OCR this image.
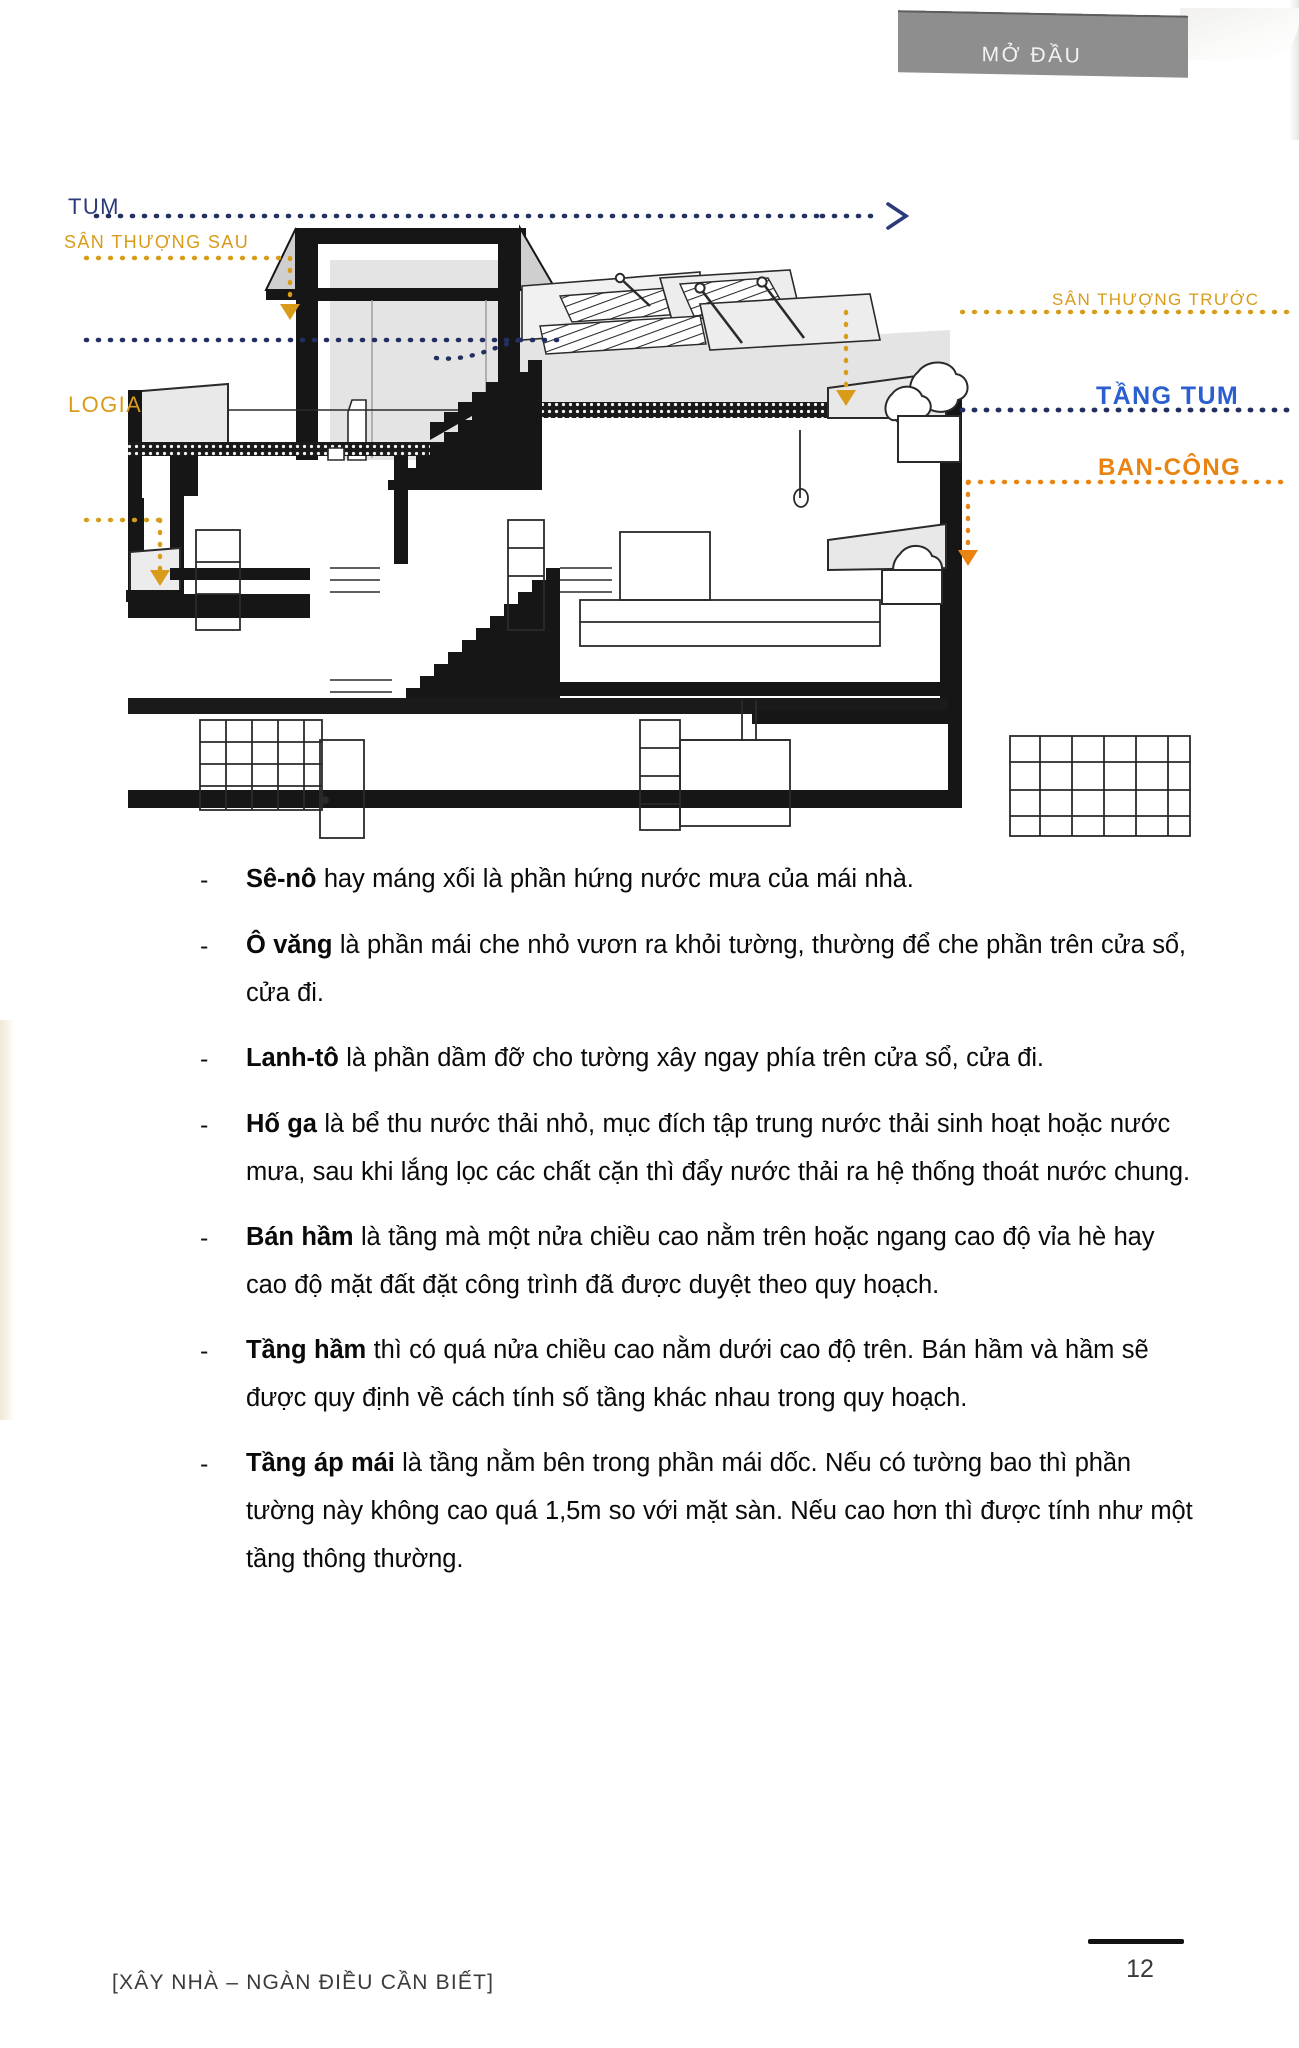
MỞ ĐẦU
TUM
SÂN THƯỢNG SAU
LOGIA
SÂN THƯỢNG TRƯỚC
TẦNG TUM
BAN-CÔNG
-	Sê-nô hay máng xối là phần hứng nước mưa của mái nhà.
-	Ô văng là phần mái che nhỏ vươn ra khỏi tường, thường để che phần trên cửa sổ, cửa đi.
-	Lanh-tô là phần dầm đỡ cho tường xây ngay phía trên cửa sổ, cửa đi.
-	Hố ga là bể thu nước thải nhỏ, mục đích tập trung nước thải sinh hoạt hoặc nước mưa, sau khi lắng lọc các chất cặn thì đẩy nước thải ra hệ thống thoát nước chung.
-	Bán hầm là tầng mà một nửa chiều cao nằm trên hoặc ngang cao độ vỉa hè hay cao độ mặt đất đặt công trình đã được duyệt theo quy hoạch.
-	Tầng hầm thì có quá nửa chiều cao nằm dưới cao độ trên. Bán hầm và hầm sẽ được quy định về cách tính số tầng khác nhau trong quy hoạch.
-	Tầng áp mái là tầng nằm bên trong phần mái dốc. Nếu có tường bao thì phần tường này không cao quá 1,5m so với mặt sàn. Nếu cao hơn thì được tính như một tầng thông thường.
[XÂY NHÀ – NGÀN ĐIỀU CẦN BIẾT]	12
